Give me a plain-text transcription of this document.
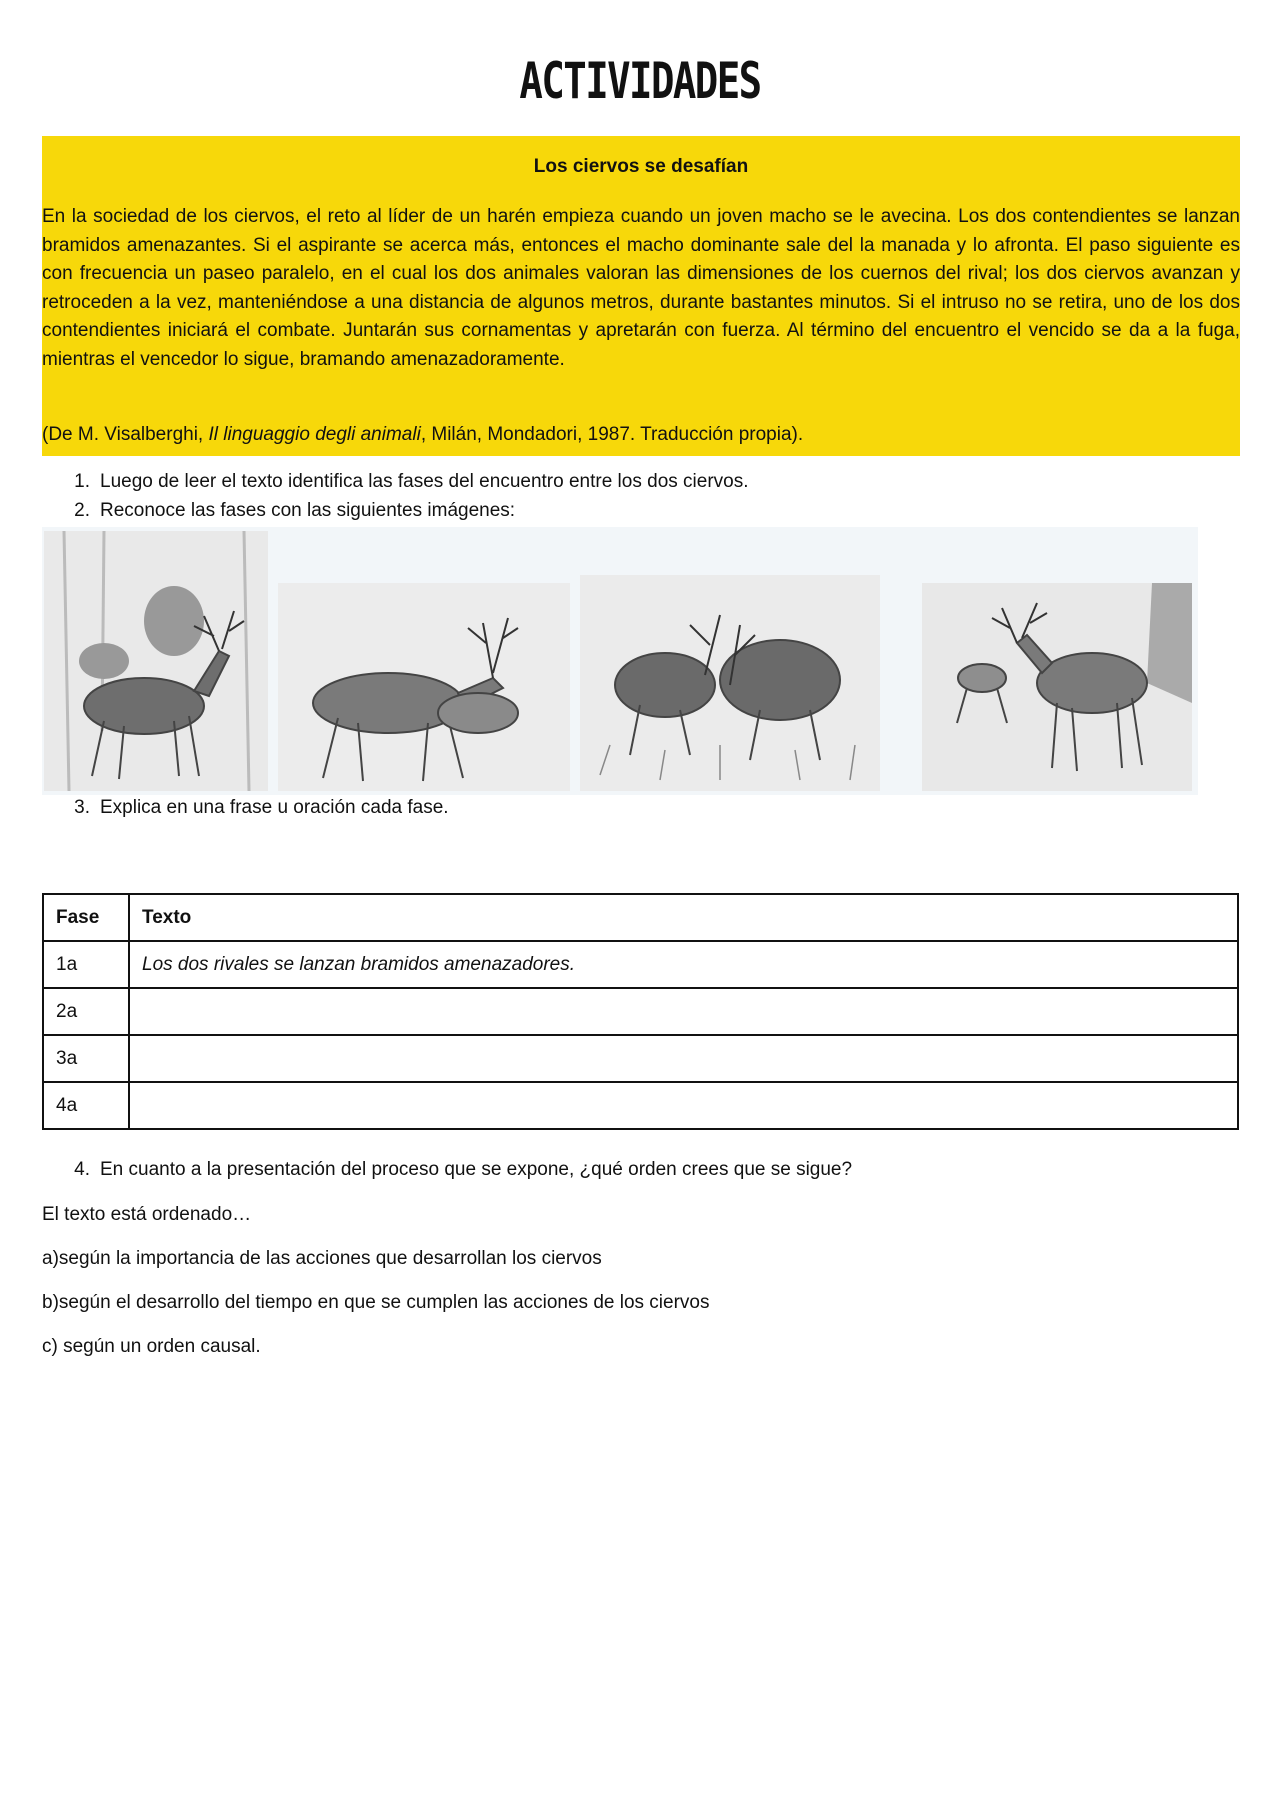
ACTIVIDADES
Los ciervos se desafían

En la sociedad de los ciervos, el reto al líder de un harén empieza cuando un joven macho se le avecina. Los dos contendientes se lanzan bramidos amenazantes. Si el aspirante se acerca más, entonces el macho dominante sale del la manada y lo afronta. El paso siguiente es con frecuencia un paseo paralelo, en el cual los dos animales valoran las dimensiones de los cuernos del rival; los dos ciervos avanzan y retroceden a la vez, manteniéndose a una distancia de algunos metros, durante bastantes minutos. Si el intruso no se retira, uno de los dos contendientes iniciará el combate. Juntarán sus cornamentas y apretarán con fuerza. Al término del encuentro el vencido se da a la fuga, mientras el vencedor lo sigue, bramando amenazadoramente.

(De M. Visalberghi, Il linguaggio degli animali, Milán, Mondadori, 1987. Traducción propia).

1. Luego de leer el texto identifica las fases del encuentro entre los dos ciervos.
2. Reconoce las fases con las siguientes imágenes:
3. Explica en una frase u oración cada fase.
Fase	Texto
1a	Los dos rivales se lanzan bramidos amenazadores.
2a	
3a	
4a	
4. En cuanto a la presentación del proceso que se expone, ¿qué orden crees que se sigue?

El texto está ordenado…

a)según la importancia de las acciones que desarrollan los ciervos

b)según el desarrollo del tiempo en que se cumplen las acciones de los ciervos

c) según un orden causal.
